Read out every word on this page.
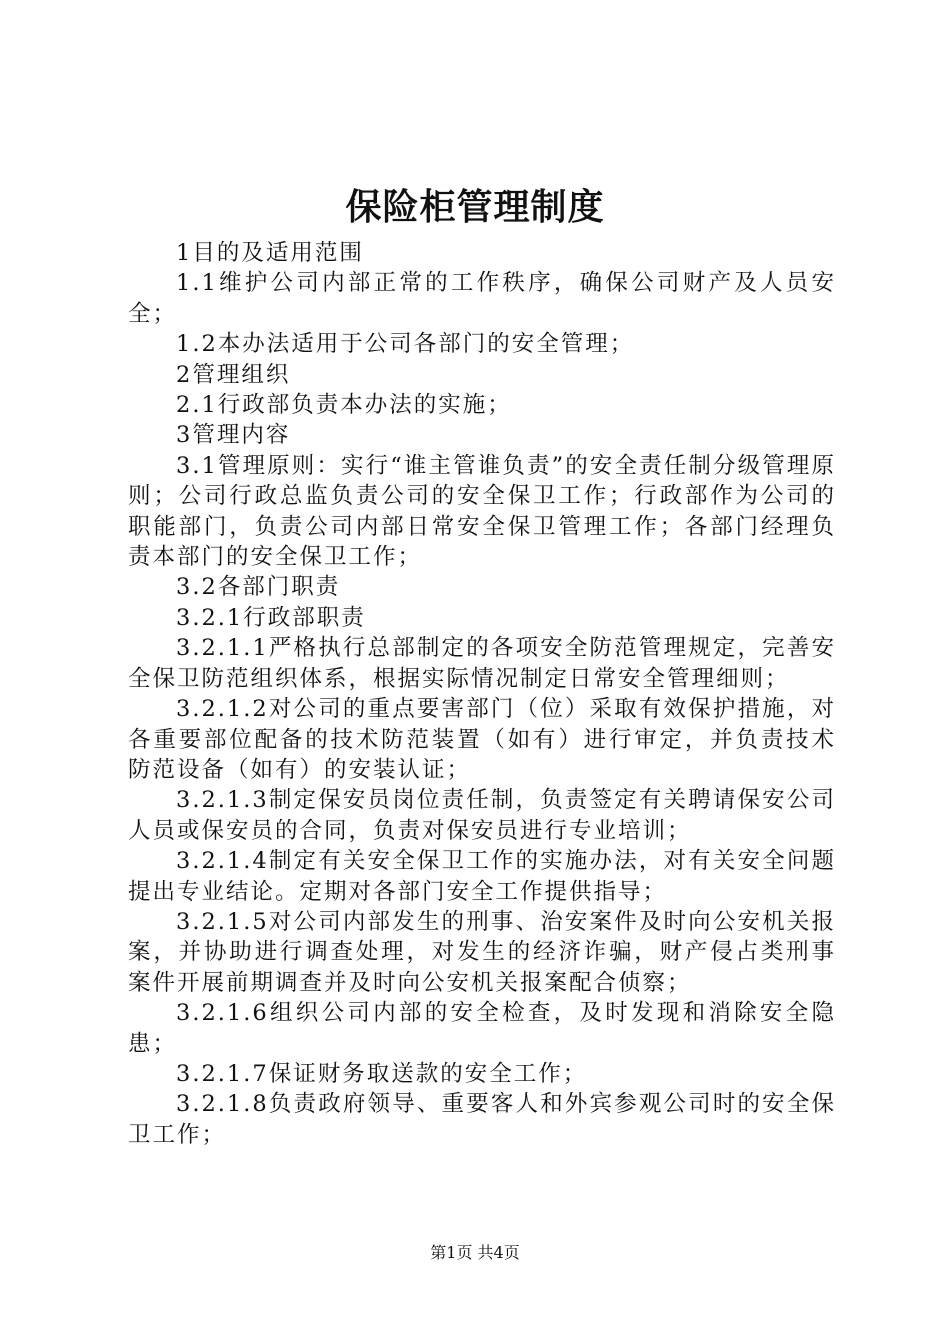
保险柜管理制度

1目的及适用范围

1.1维护公司内部正常的工作秩序，确保公司财产及人员安全；

1.2本办法适用于公司各部门的安全管理；

2管理组织

2.1行政部负责本办法的实施；

3管理内容

3.1管理原则：实行“谁主管谁负责”的安全责任制分级管理原则；公司行政总监负责公司的安全保卫工作；行政部作为公司的职能部门，负责公司内部日常安全保卫管理工作；各部门经理负责本部门的安全保卫工作；

3.2各部门职责

3.2.1行政部职责

3.2.1.1严格执行总部制定的各项安全防范管理规定，完善安全保卫防范组织体系，根据实际情况制定日常安全管理细则；

3.2.1.2对公司的重点要害部门（位）采取有效保护措施，对各重要部位配备的技术防范装置（如有）进行审定，并负责技术防范设备（如有）的安装认证；

3.2.1.3制定保安员岗位责任制，负责签定有关聘请保安公司人员或保安员的合同，负责对保安员进行专业培训；

3.2.1.4制定有关安全保卫工作的实施办法，对有关安全问题提出专业结论。定期对各部门安全工作提供指导；

3.2.1.5对公司内部发生的刑事、治安案件及时向公安机关报案，并协助进行调查处理，对发生的经济诈骗，财产侵占类刑事案件开展前期调查并及时向公安机关报案配合侦察；

3.2.1.6组织公司内部的安全检查，及时发现和消除安全隐患；

3.2.1.7保证财务取送款的安全工作；

3.2.1.8负责政府领导、重要客人和外宾参观公司时的安全保卫工作；

第1页 共4页
